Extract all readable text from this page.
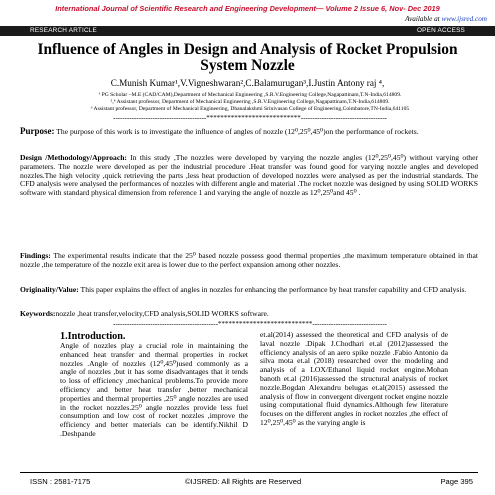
International Journal of Scientific Research and Engineering Development— Volume 2 Issue 6, Nov- Dec 2019
Available at www.ijsred.com
RESEARCH ARTICLE	OPEN ACCESS
Influence of Angles in Design and Analysis of Rocket Propulsion System Nozzle
C.Munish Kumar¹,V.Vigneshwaran²,C.Balamurugan³,I.Justin Antony raj ⁴,
¹ PG Scholar –M.E (CAD/CAM),Department of Mechanical Engineering ,S.R.V.Engineering College,Nagapattinam,T.N-India,614809.
²,⁴ Assistant professor, Department of Mechanical Engineering ,S.R.V.Engineering College,Nagapattinam,T.N-India,614809.
³ Assistant professor, Department of Mechanical Engineering, Dhanalakshmi Srinivasan College of Engineering,Coimbatore,TN-India,641105
----------------------------------------***************************-------------------------------------
Purpose: The purpose of this work is to investigate the influence of angles of nozzle (12⁰,25⁰,45⁰)on the performance of rockets.
Design /Methodology/Approach: In this study ,The nozzles were developed by varying the nozzle angles (12⁰,25⁰,45⁰) without varying other parameters. The nozzle were developed as per the industrial procedure .Heat transfer was found good for varying nozzle angles and developed nozzles.The high velocity ,quick retrieving the parts ,less heat production of developed nozzles were analysed as per the industrial standards. The CFD analysis were analysed the performances of nozzles with different angle and material .The rocket nozzle was designed by using SOLID WORKS software with standard physical dimension from reference 1 and varying the angle of nozzle as 12⁰,25⁰and 45⁰ .
Findings: The experimental results indicate that the 25⁰ based nozzle possess good thermal properties ,the maximum temperature obtained in that nozzle ,the temperature of the nozzle exit area is lower due to the perfect expansion among other nozzles.
Originality/Value: This paper explains the effect of angles in nozzles for enhancing the performance by heat transfer capability and CFD analysis.
Keywords:nozzle ,heat transfer,velocity,CFD analysis,SOLID WORKS software.
---------------------------------------------***************************--------------------------------
1.Introduction.
Angle of nozzles play a crucial role in maintaining the enhanced heat transfer and thermal properties in rocket nozzles .Angle of nozzles (12⁰,45⁰)used commonly as a angle of nozzles ,but it has some disadvantages that it tends to loss of efficiency ,mechanical problems.To provide more efficiency and better heat transfer ,better mechanical properties and thermal properties ,25⁰ angle nozzles are used in the rocket nozzles.25⁰ angle nozzles provide less fuel consumption and low cost of rocket nozzles ,improve the efficiency and better materials can be identify.Nikhil D .Deshpande
et.al(2014) assessed the theoretical and CFD analysis of de laval nozzle .Dipak J.Chodhari et.al (2012)assessed the efficiency analysis of an aero spike nozzle .Fabio Antonio da silva mota et.al (2018) researched over the modeling and analysis of a LOX/Ethanol liquid rocket engine.Mohan banoth et.al (2016)assessed the structural analysis of rocket nozzle.Bogdan Alexandru belugas et.al(2015) assessed the analysis of flow in convergent divergent rocket engine nozzle using computational fluid dynamics.Although few literature focuses on the different angles in rocket nozzles ,the effect of 12⁰,25⁰,45⁰ as the varying angle is
ISSN : 2581-7175	©IJSRED: All Rights are Reserved	Page 395
